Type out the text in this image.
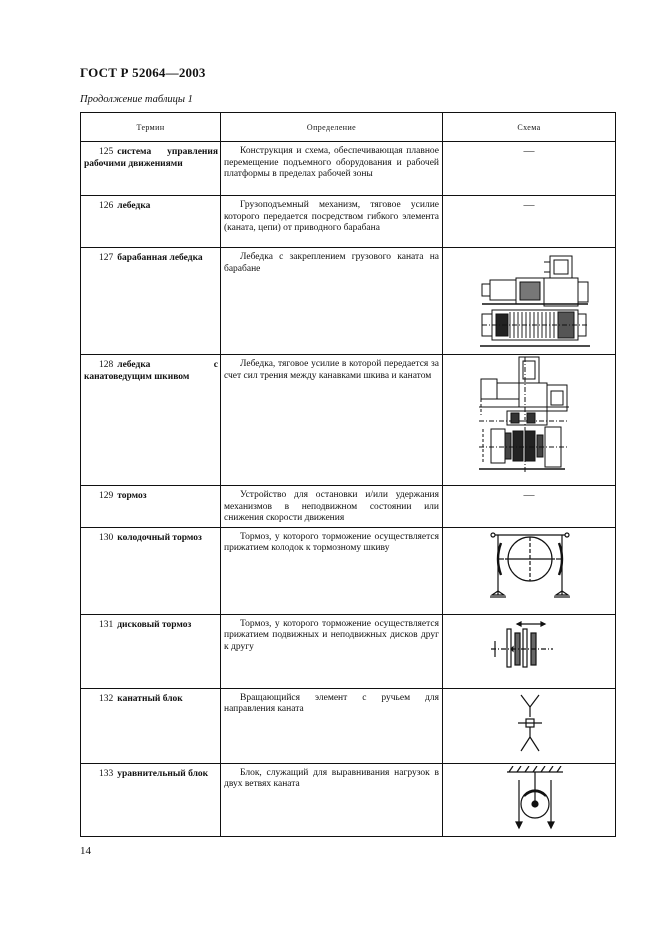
ГОСТ Р 52064—2003
Продолжение таблицы 1
Термин	Определение	Схема
125 система управления рабочими движениями	Конструкция и схема, обеспечивающая плавное перемещение подъемного оборудования и рабочей платформы в пределах рабочей зоны	—

126 лебедка	Грузоподъемный механизм, тяговое усилие которого передается посредством гибкого элемента (каната, цепи) от приводного барабана	—

127 барабанная лебедка	Лебедка с закреплением грузового каната на барабане	

128 лебедка с канатоведущим шкивом	Лебедка, тяговое усилие в которой передается за счет сил трения между канавками шкива и канатом	

129 тормоз	Устройство для остановки и/или удержания механизмов в неподвижном состоянии или снижения скорости движения	—

130 колодочный тормоз	Тормоз, у которого торможение осуществляется прижатием колодок к тормозному шкиву	

131 дисковый тормоз	Тормоз, у которого торможение осуществляется прижатием подвижных и неподвижных дисков друг к другу	

132 канатный блок	Вращающийся элемент с ручьем для направления каната	

133 уравнительный блок	Блок, служащий для выравнивания нагрузок в двух ветвях каната	
14
